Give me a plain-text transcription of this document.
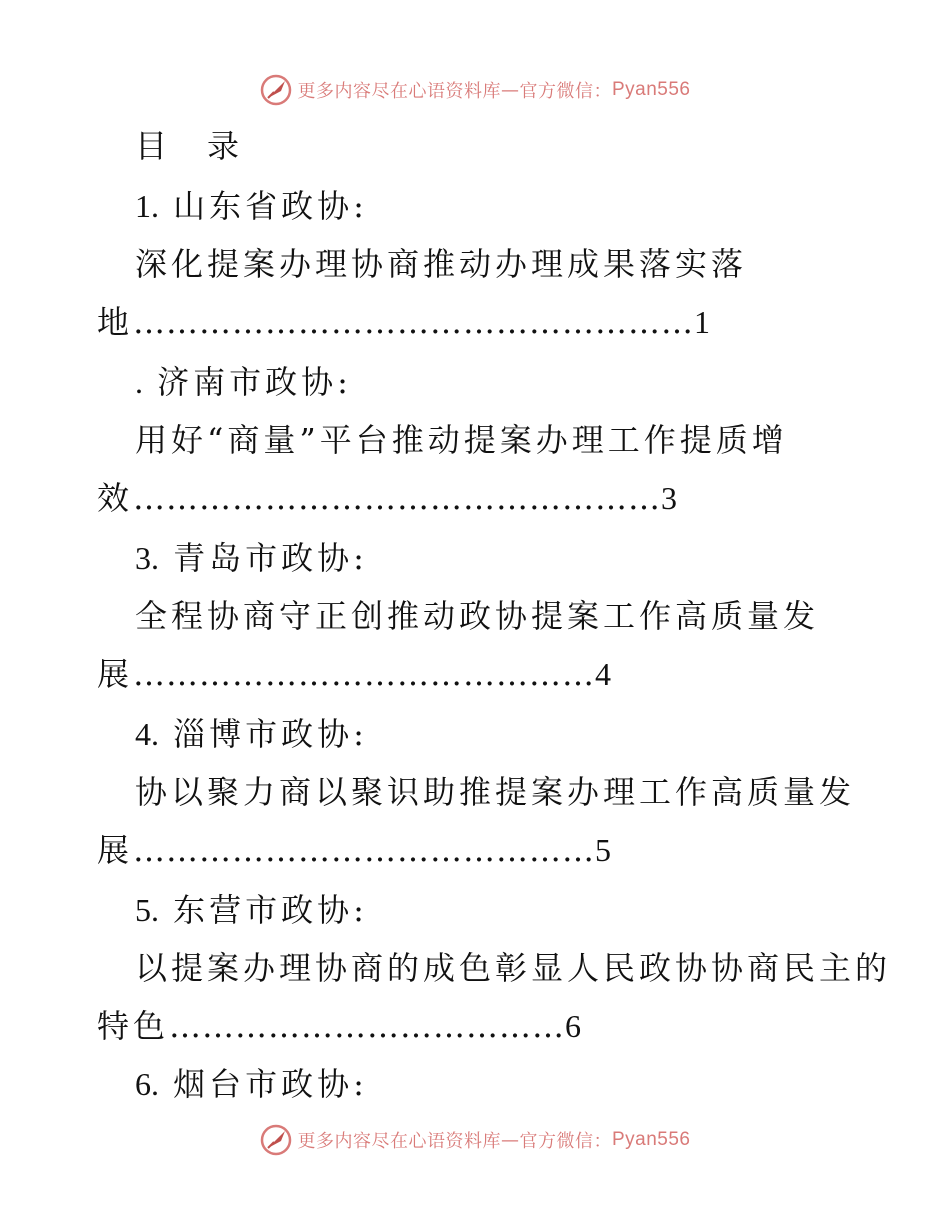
更多内容尽在心语资料库 — 官方微信： Pyan556
目 录
1. 山东省政协:
深化提案办理协商推动办理成果落实落
地……………………………………………1
. 济南市政协:
用好“商量”平台推动提案办理工作提质增
效…………………………………………3
3. 青岛市政协:
全程协商守正创推动政协提案工作高质量发
展……………………………………4
4. 淄博市政协:
协以聚力商以聚识助推提案办理工作高质量发
展……………………………………5
5. 东营市政协:
以提案办理协商的成色彰显人民政协协商民主的
特色………………………………6
6. 烟台市政协:
更多内容尽在心语资料库 — 官方微信： Pyan556
